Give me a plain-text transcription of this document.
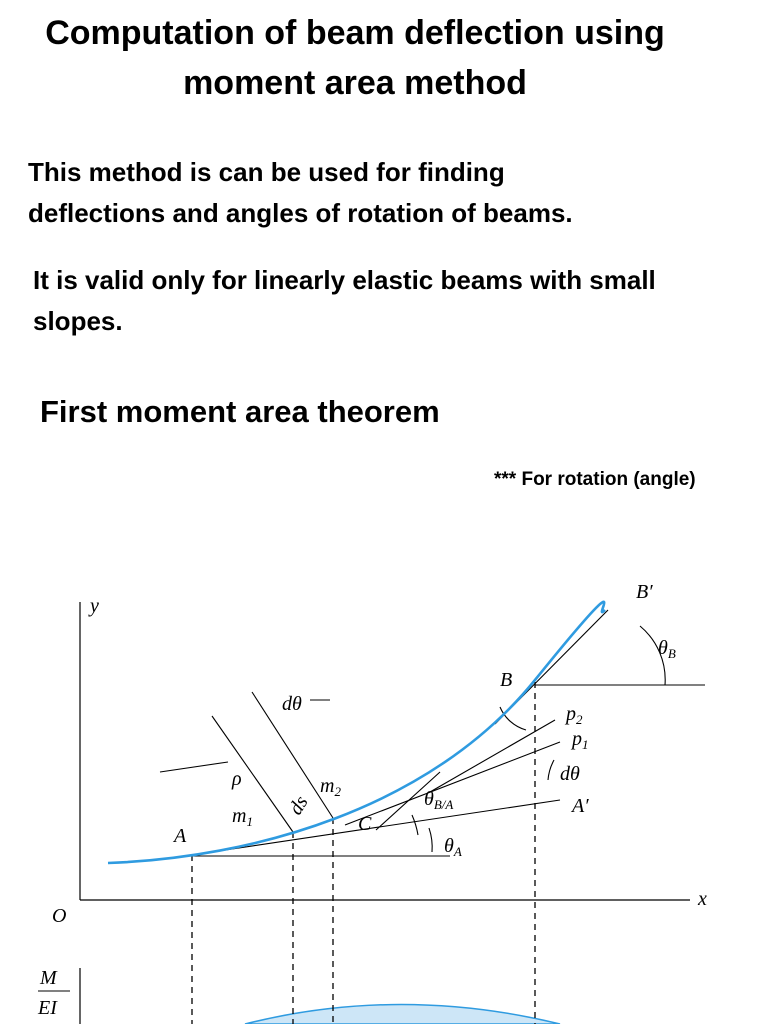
Computation of beam deflection using
moment area method
This method is can be used for finding
deflections and angles of rotation of beams.
It is valid only for linearly elastic beams with small
slopes.
First moment area theorem
*** For rotation (angle)
y
x
O
A
B
B′
C
A′
ρ
ds
$m_1$
$m_2$
$p_2$
$p_1$
dθ
dθ
$\theta_A$
$\theta_{B/A}$
$\theta_B$
M
EI
